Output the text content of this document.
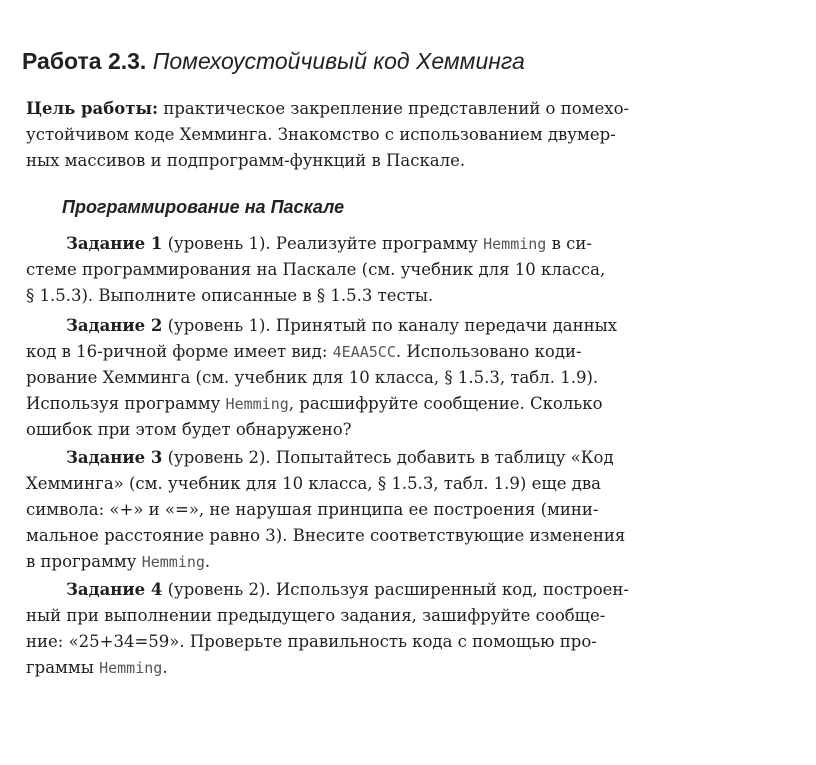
Работа 2.3. Помехоустойчивый код Хемминга
Цель работы: практическое закрепление представлений о помехо-
устойчивом коде Хемминга. Знакомство с использованием двумер-
ных массивов и подпрограмм-функций в Паскале.
Программирование на Паскале
Задание 1 (уровень 1). Реализуйте программу Hemming в си-
стеме программирования на Паскале (см. учебник для 10 класса,
§ 1.5.3). Выполните описанные в § 1.5.3 тесты.
Задание 2 (уровень 1). Принятый по каналу передачи данных
код в 16-ричной форме имеет вид: 4EAA5CC. Использовано коди-
рование Хемминга (см. учебник для 10 класса, § 1.5.3, табл. 1.9).
Используя программу Hemming, расшифруйте сообщение. Сколько
ошибок при этом будет обнаружено?
Задание 3 (уровень 2). Попытайтесь добавить в таблицу «Код
Хемминга» (см. учебник для 10 класса, § 1.5.3, табл. 1.9) еще два
символа: «+» и «=», не нарушая принципа ее построения (мини-
мальное расстояние равно 3). Внесите соответствующие изменения
в программу Hemming.
Задание 4 (уровень 2). Используя расширенный код, построен-
ный при выполнении предыдущего задания, зашифруйте сообще-
ние: «25+34=59». Проверьте правильность кода с помощью про-
граммы Hemming.
